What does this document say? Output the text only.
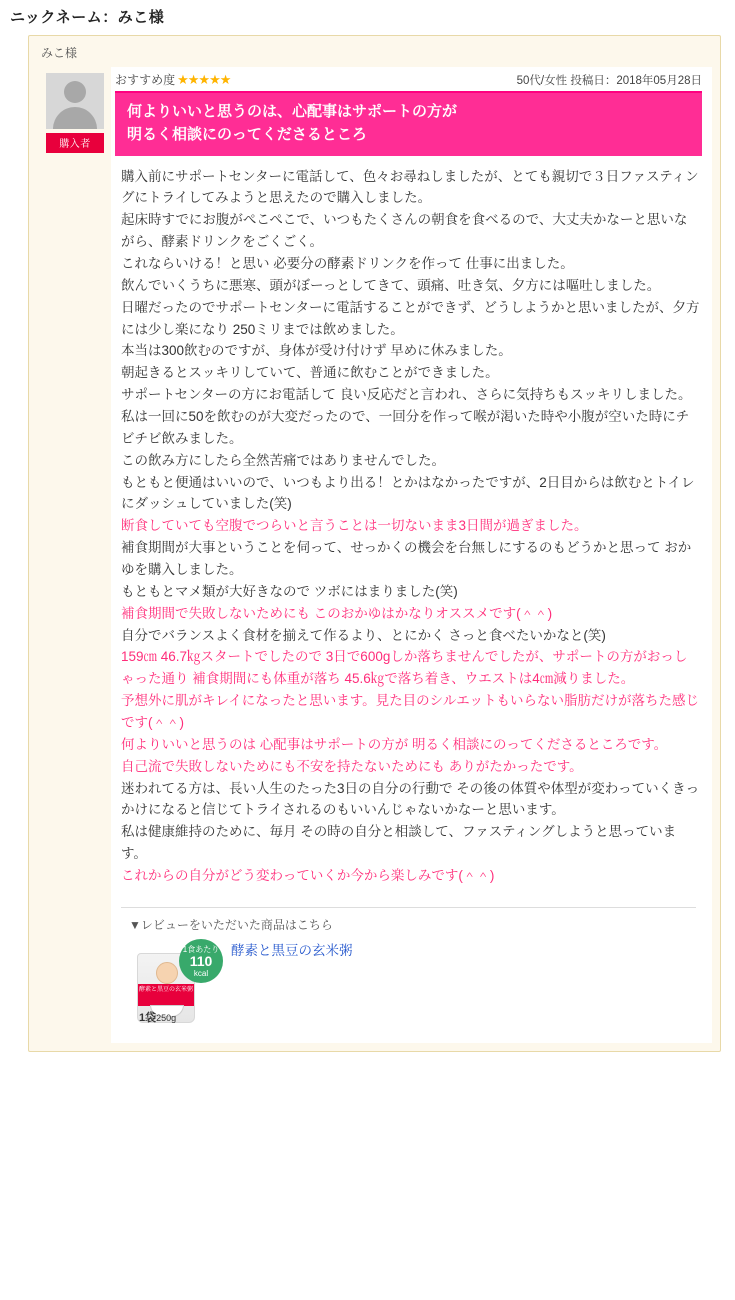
ニックネーム：みこ様
みこ様
購入者
おすすめ度 ★★★★★	50代/女性 投稿日：2018年05月28日
何よりいいと思うのは、心配事はサポートの方が
明るく相談にのってくださるところ

購入前にサポートセンターに電話して、色々お尋ねしましたが、とても親切で３日ファスティングにトライしてみようと思えたので購入しました。

起床時すでにお腹がぺこぺこで、いつもたくさんの朝食を食べるので、大丈夫かなーと思いながら、酵素ドリンクをごくごく。

これならいける！と思い 必要分の酵素ドリンクを作って 仕事に出ました。

飲んでいくうちに悪寒、頭がぼーっとしてきて、頭痛、吐き気、夕方には嘔吐しました。

日曜だったのでサポートセンターに電話することができず、どうしようかと思いましたが、夕方には少し楽になり 250ミリまでは飲めました。

本当は300飲むのですが、身体が受け付けず 早めに休みました。

朝起きるとスッキリしていて、普通に飲むことができました。

サポートセンターの方にお電話して 良い反応だと言われ、さらに気持ちもスッキリしました。

私は一回に50を飲むのが大変だったので、一回分を作って喉が渇いた時や小腹が空いた時にチビチビ飲みました。

この飲み方にしたら全然苦痛ではありませんでした。

もともと便通はいいので、いつもより出る！とかはなかったですが、2日目からは飲むとトイレにダッシュしていました(笑)

断食していても空腹でつらいと言うことは一切ないまま3日間が過ぎました。

補食期間が大事ということを伺って、せっかくの機会を台無しにするのもどうかと思って おかゆを購入しました。

もともとマメ類が大好きなので ツボにはまりました(笑)

補食期間で失敗しないためにも このおかゆはかなりオススメです(＾＾)

自分でバランスよく食材を揃えて作るより、とにかく さっと食べたいかなと(笑)

159㎝ 46.7㎏スタートでしたので 3日で600gしか落ちませんでしたが、サポートの方がおっしゃった通り 補食期間にも体重が落ち 45.6㎏で落ち着き、ウエストは4㎝減りました。

予想外に肌がキレイになったと思います。見た目のシルエットもいらない脂肪だけが落ちた感じです(＾＾)

何よりいいと思うのは 心配事はサポートの方が 明るく相談にのってくださるところです。

自己流で失敗しないためにも不安を持たないためにも ありがたかったです。

迷われてる方は、長い人生のたった3日の自分の行動で その後の体質や体型が変わっていくきっかけになると信じてトライされるのもいいんじゃないかなーと思います。

私は健康維持のために、毎月 その時の自分と相談して、ファスティングしようと思っています。

これからの自分がどう変わっていくか今から楽しみです(＾＾)

▼レビューをいただいた商品はこちら
酵素と黒豆の玄米粥
1食あたり
110
kcal
1袋250g
酵素と黒豆の玄米粥
